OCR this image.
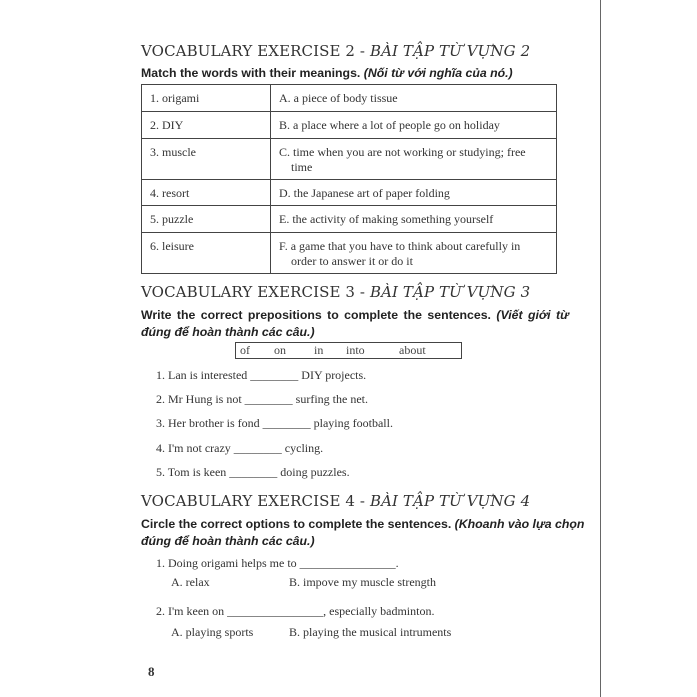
VOCABULARY EXERCISE 2 - BÀI TẬP TỪ VỰNG 2
Match the words with their meanings. (Nối từ với nghĩa của nó.)
1. origami	A. a piece of body tissue
2. DIY	B. a place where a lot of people go on holiday
3. muscle	C. time when you are not working or studying; free
time

4. resort	D. the Japanese art of paper folding
5. puzzle	E. the activity of making something yourself
6. leisure	F. a game that you have to think about carefully in
order to answer it or do it
VOCABULARY EXERCISE 3 - BÀI TẬP TỪ VỰNG 3
Write the correct prepositions to complete the sentences. (Viết giới từ
đúng để hoàn thành các câu.)
of on in into	about
1. Lan is interested ________ DIY projects.
2. Mr Hung is not ________ surfing the net.
3. Her brother is fond ________ playing football.
4. I'm not crazy ________ cycling.
5. Tom is keen ________ doing puzzles.
VOCABULARY EXERCISE 4 - BÀI TẬP TỪ VỰNG 4
Circle the correct options to complete the sentences. (Khoanh vào lựa chọn
đúng để hoàn thành các câu.)
1. Doing origami helps me to ________________.
A. relax	B. impove my muscle strength
2. I'm keen on ________________, especially badminton.
A. playing sports	B. playing the musical intruments
8
